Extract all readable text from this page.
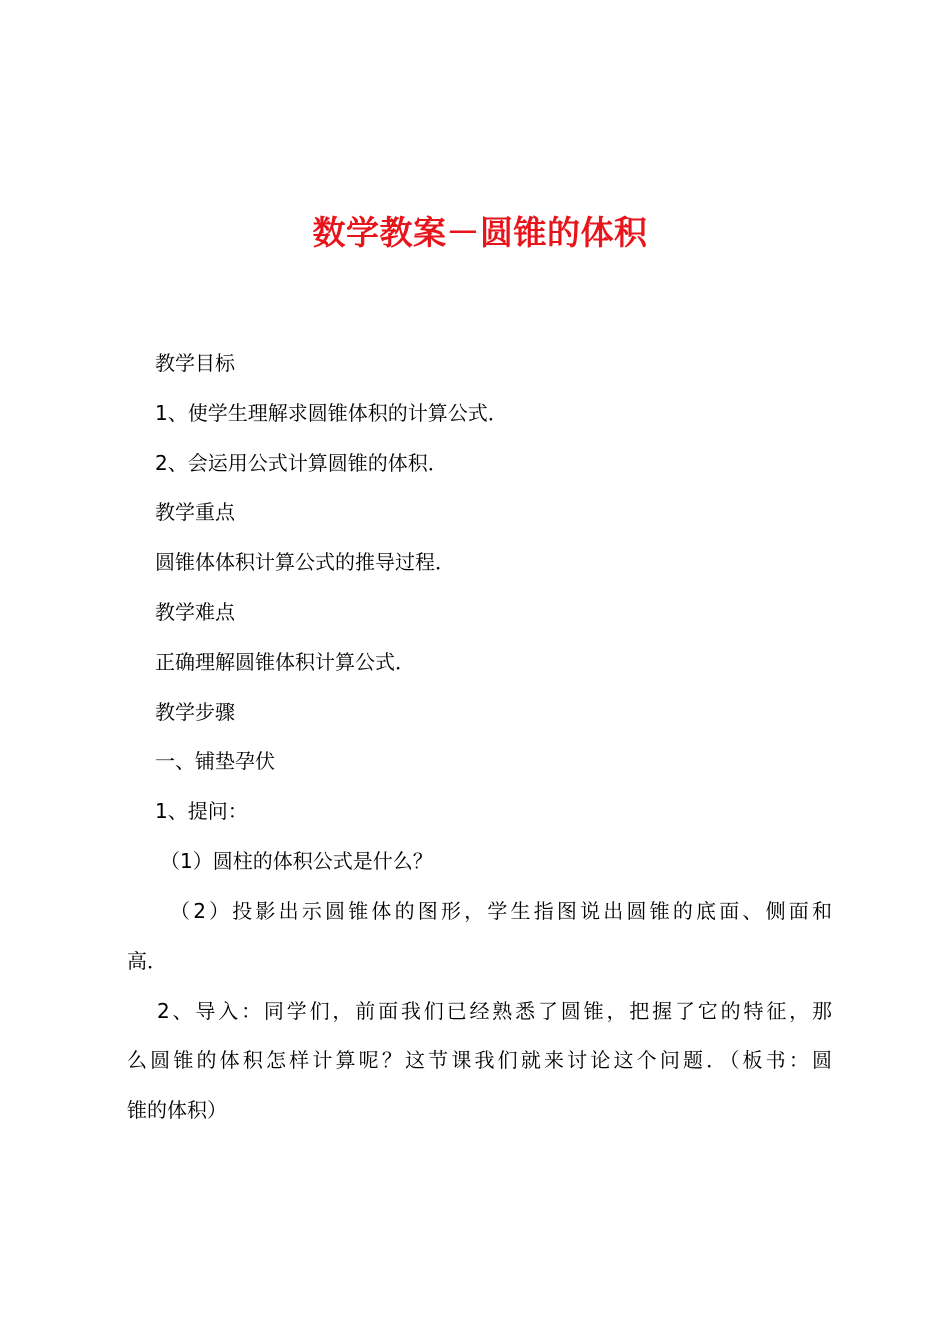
数学教案－圆锥的体积
教学目标
1、使学生理解求圆锥体积的计算公式．
2、会运用公式计算圆锥的体积．
教学重点
圆锥体体积计算公式的推导过程．
教学难点
正确理解圆锥体积计算公式．
教学步骤
一、铺垫孕伏
1、提问：
（1）圆柱的体积公式是什么？
（2）投影出示圆锥体的图形，学生指图说出圆锥的底面、侧面和
高．
2、导入：同学们，前面我们已经熟悉了圆锥，把握了它的特征，那
么圆锥的体积怎样计算呢？这节课我们就来讨论这个问题．（板书：圆
锥的体积）
